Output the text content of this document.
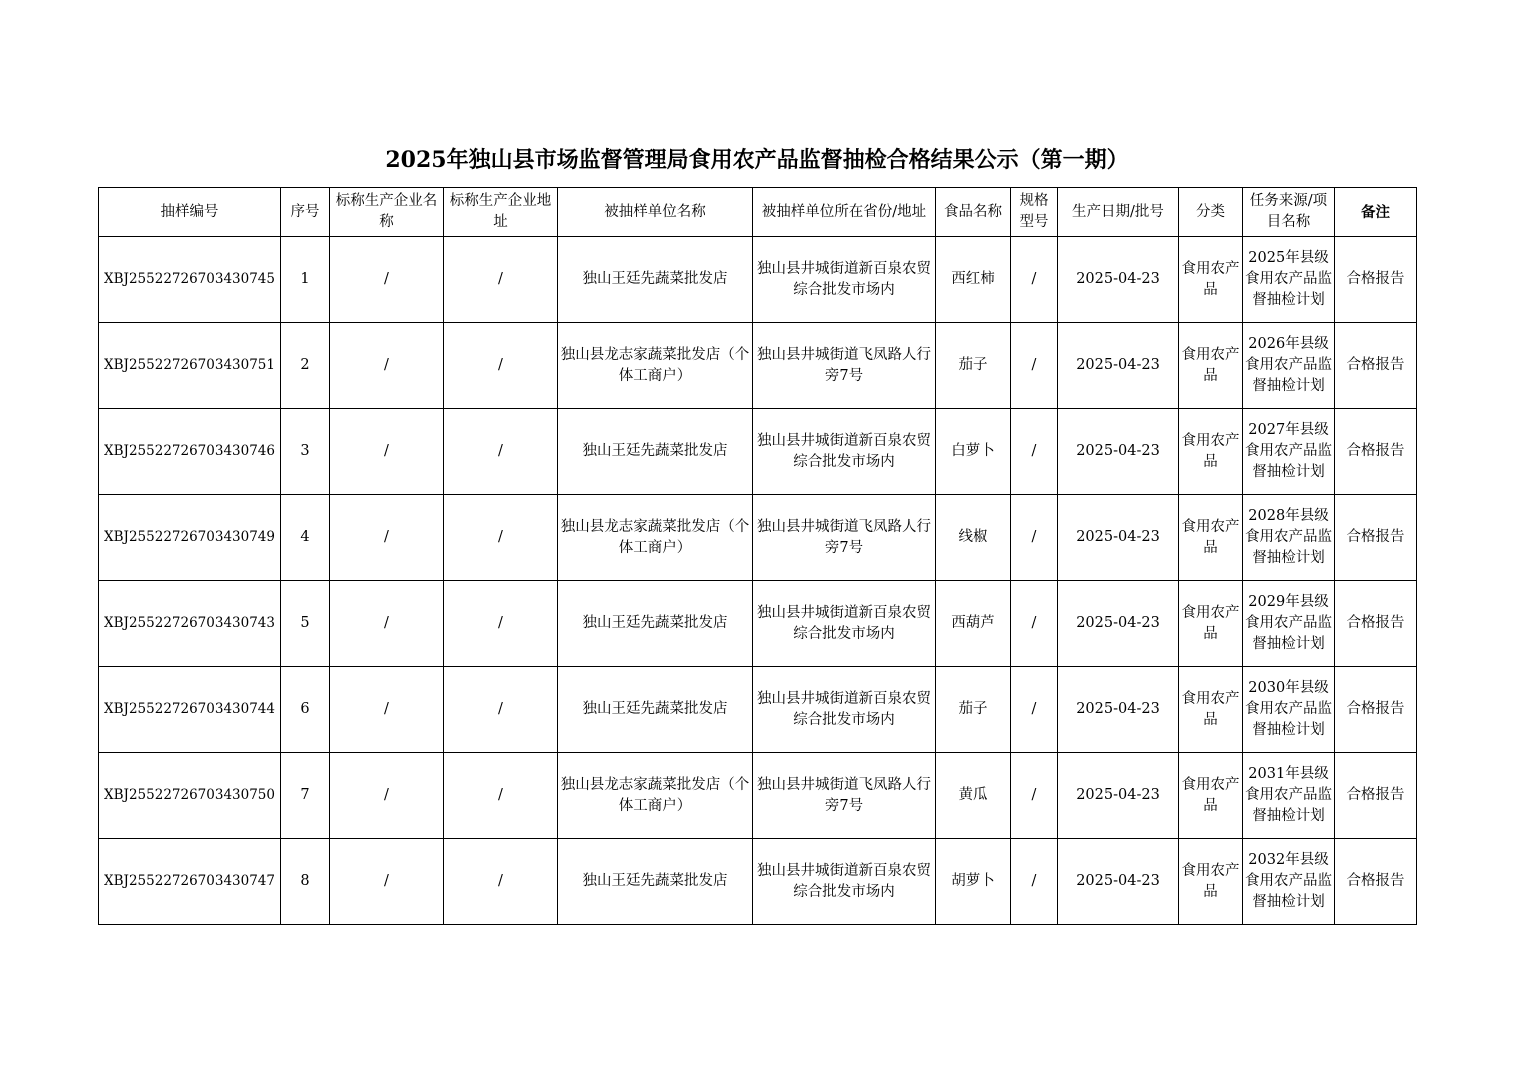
2025年独山县市场监督管理局食用农产品监督抽检合格结果公示（第一期）
抽样编号	序号	标称生产企业名称	标称生产企业地址	被抽样单位名称	被抽样单位所在省份/地址	食品名称	规格型号	生产日期/批号	分类	任务来源/项目名称	备注
XBJ25522726703430745	1	/	/	独山王廷先蔬菜批发店	独山县井城街道新百泉农贸综合批发市场内	西红柿	/	2025-04-23	食用农产品	2025年县级食用农产品监督抽检计划	合格报告
XBJ25522726703430751	2	/	/	独山县龙志家蔬菜批发店（个体工商户）	独山县井城街道飞凤路人行旁7号	茄子	/	2025-04-23	食用农产品	2026年县级食用农产品监督抽检计划	合格报告
XBJ25522726703430746	3	/	/	独山王廷先蔬菜批发店	独山县井城街道新百泉农贸综合批发市场内	白萝卜	/	2025-04-23	食用农产品	2027年县级食用农产品监督抽检计划	合格报告
XBJ25522726703430749	4	/	/	独山县龙志家蔬菜批发店（个体工商户）	独山县井城街道飞凤路人行旁7号	线椒	/	2025-04-23	食用农产品	2028年县级食用农产品监督抽检计划	合格报告
XBJ25522726703430743	5	/	/	独山王廷先蔬菜批发店	独山县井城街道新百泉农贸综合批发市场内	西葫芦	/	2025-04-23	食用农产品	2029年县级食用农产品监督抽检计划	合格报告
XBJ25522726703430744	6	/	/	独山王廷先蔬菜批发店	独山县井城街道新百泉农贸综合批发市场内	茄子	/	2025-04-23	食用农产品	2030年县级食用农产品监督抽检计划	合格报告
XBJ25522726703430750	7	/	/	独山县龙志家蔬菜批发店（个体工商户）	独山县井城街道飞凤路人行旁7号	黄瓜	/	2025-04-23	食用农产品	2031年县级食用农产品监督抽检计划	合格报告
XBJ25522726703430747	8	/	/	独山王廷先蔬菜批发店	独山县井城街道新百泉农贸综合批发市场内	胡萝卜	/	2025-04-23	食用农产品	2032年县级食用农产品监督抽检计划	合格报告
